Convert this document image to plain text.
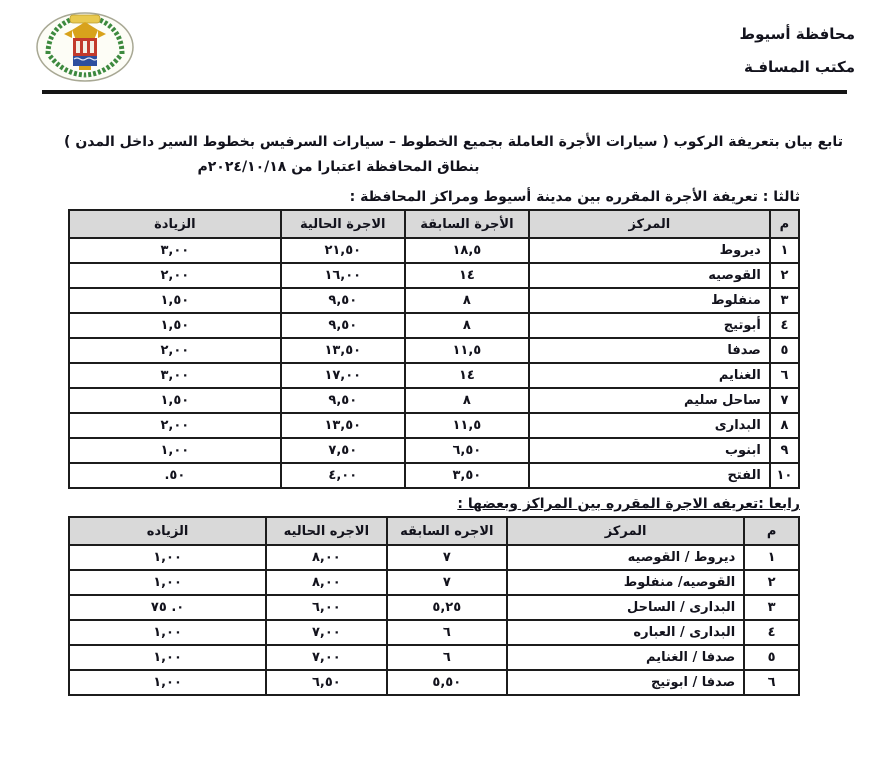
محافظة أسيوط
مكتب المسافـة
تابع بيان بتعريفة الركوب ( سيارات الأجرة العاملة بجميع الخطوط – سيارات السرفيس بخطوط السير داخل المدن )
بنطاق المحافظة اعتبارا من ٢٠٢٤/١٠/١٨م
ثالثا : تعريفة الأجرة المقرره بين مدينة أسيوط ومراكز المحافظة :
م	المركز	الأجرة السابقة	الاجرة الحالية	الزيادة
١	ديروط	١٨,٥	٢١,٥٠	٣,٠٠
٢	القوصيه	١٤	١٦,٠٠	٢,٠٠
٣	منفلوط	٨	٩,٥٠	١,٥٠
٤	أبوتيج	٨	٩,٥٠	١,٥٠
٥	صدفا	١١,٥	١٣,٥٠	٢,٠٠
٦	الغنايم	١٤	١٧,٠٠	٣,٠٠
٧	ساحل سليم	٨	٩,٥٠	١,٥٠
٨	البدارى	١١,٥	١٣,٥٠	٢,٠٠
٩	ابنوب	٦,٥٠	٧,٥٠	١,٠٠
١٠	الفتح	٣,٥٠	٤,٠٠	.٥٠
رابعا :تعريفه الاجرة المقرره بين المراكز وبعضها :
م	المركز	الاجره السابقه	الاجره الحاليه	الزياده
١	ديروط / القوصيه	٧	٨,٠٠	١,٠٠
٢	القوصيه/ منفلوط	٧	٨,٠٠	١,٠٠
٣	البدارى / الساحل	٥,٢٥	٦,٠٠	٠. ٧٥
٤	البدارى / العباره	٦	٧,٠٠	١,٠٠
٥	صدفا / الغنايم	٦	٧,٠٠	١,٠٠
٦	صدفا / ابوتيج	٥,٥٠	٦,٥٠	١,٠٠
